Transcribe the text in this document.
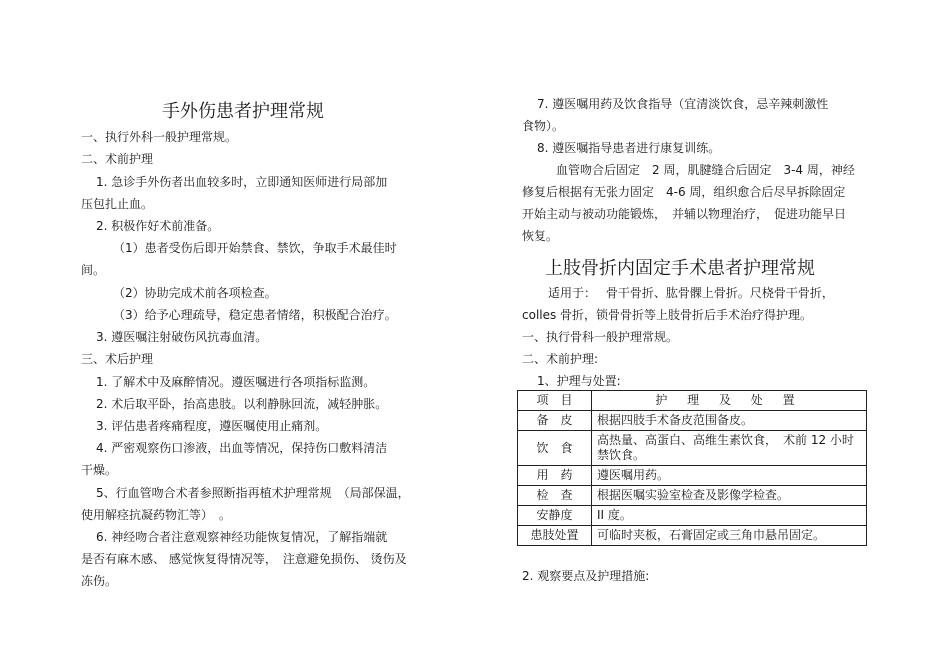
手外伤患者护理常规
一、执行外科一般护理常规。
二、术前护理
1. 急诊手外伤者出血较多时，立即通知医师进行局部加
压包扎止血。
2. 积极作好术前准备。
（1）患者受伤后即开始禁食、禁饮，争取手术最佳时
间。
（2）协助完成术前各项检查。
（3）给予心理疏导，稳定患者情绪，积极配合治疗。
3. 遵医嘱注射破伤风抗毒血清。
三、术后护理
1. 了解术中及麻醉情况。遵医嘱进行各项指标监测。
2. 术后取平卧，抬高患肢。以利静脉回流，减轻肿胀。
3. 评估患者疼痛程度，遵医嘱使用止痛剂。
4. 严密观察伤口渗液，出血等情况，保持伤口敷料清洁
干燥。
5、行血管吻合术者参照断指再植术护理常规　（局部保温，
使用解痉抗凝药物汇等）　。
6. 神经吻合者注意观察神经功能恢复情况，了解指端就
是否有麻木感、 感觉恢复得情况等，　注意避免损伤、 烫伤及
冻伤。
7. 遵医嘱用药及饮食指导（宜清淡饮食，忌辛辣刺激性
食物）。
8. 遵医嘱指导患者进行康复训练。
血管吻合后固定　2 周，肌腱缝合后固定　3-4 周，神经
修复后根据有无张力固定　4-6 周，组织愈合后尽早拆除固定
开始主动与被动功能锻炼，　并辅以物理治疗，　促进功能早日
恢复。
上肢骨折内固定手术患者护理常规
适用于：　 骨干骨折、肱骨髁上骨折。尺桡骨干骨折，
colles 骨折，锁骨骨折等上肢骨折后手术治疗得护理。
一、执行骨科一般护理常规。
二、术前护理:
1、护理与处置:
项　目	护 理 及 处 置
备　皮	根据四肢手术备皮范围备皮。
饮　食	高热量、高蛋白、高维生素饮食，　术前 12 小时禁饮食。
用　药	遵医嘱用药。
检　查	根据医嘱实验室检查及影像学检查。
安静度	II 度。
患肢处置	可临时夹板，石膏固定或三角巾悬吊固定。
2. 观察要点及护理措施:
